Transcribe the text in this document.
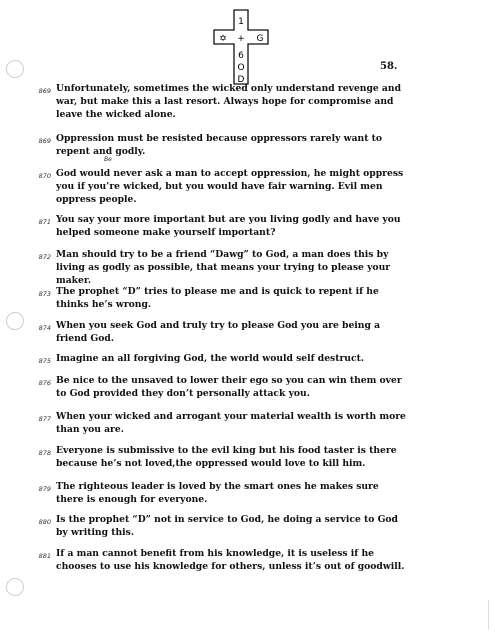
1
✡ + G
6
O
D
58.
869 Unfortunately, sometimes the wicked only understand revenge and war, but make this a last resort. Always hope for compromise and leave the wicked alone.
869 Oppression must be resisted because oppressors rarely want to repent and godly.
870 God would never ask a man to accept oppression, he might oppress you if you’re wicked, but you would have fair warning. Evil men oppress people.
871 You say your more important but are you living godly and have you helped someone make yourself important?
872 Man should try to be a friend “Dawg” to God, a man does this by living as godly as possible, that means your trying to please your maker.
873 The prophet “D” tries to please me and is quick to repent if he thinks he’s wrong.
874 When you seek God and truly try to please God you are being a friend God.
875 Imagine an all forgiving God, the world would self destruct.
876 Be nice to the unsaved to lower their ego so you can win them over to God provided they don’t personally attack you.
877 When your wicked and arrogant your material wealth is worth more than you are.
878 Everyone is submissive to the evil king but his food taster is there because he’s not loved,the oppressed would love to kill him.
879 The righteous leader is loved by the smart ones he makes sure there is enough for everyone.
880 Is the prophet “D” not in service to God, he doing a service to God by writing this.
881 If a man cannot benefit from his knowledge, it is useless if he chooses to use his knowledge for others, unless it’s out of goodwill.
Be
